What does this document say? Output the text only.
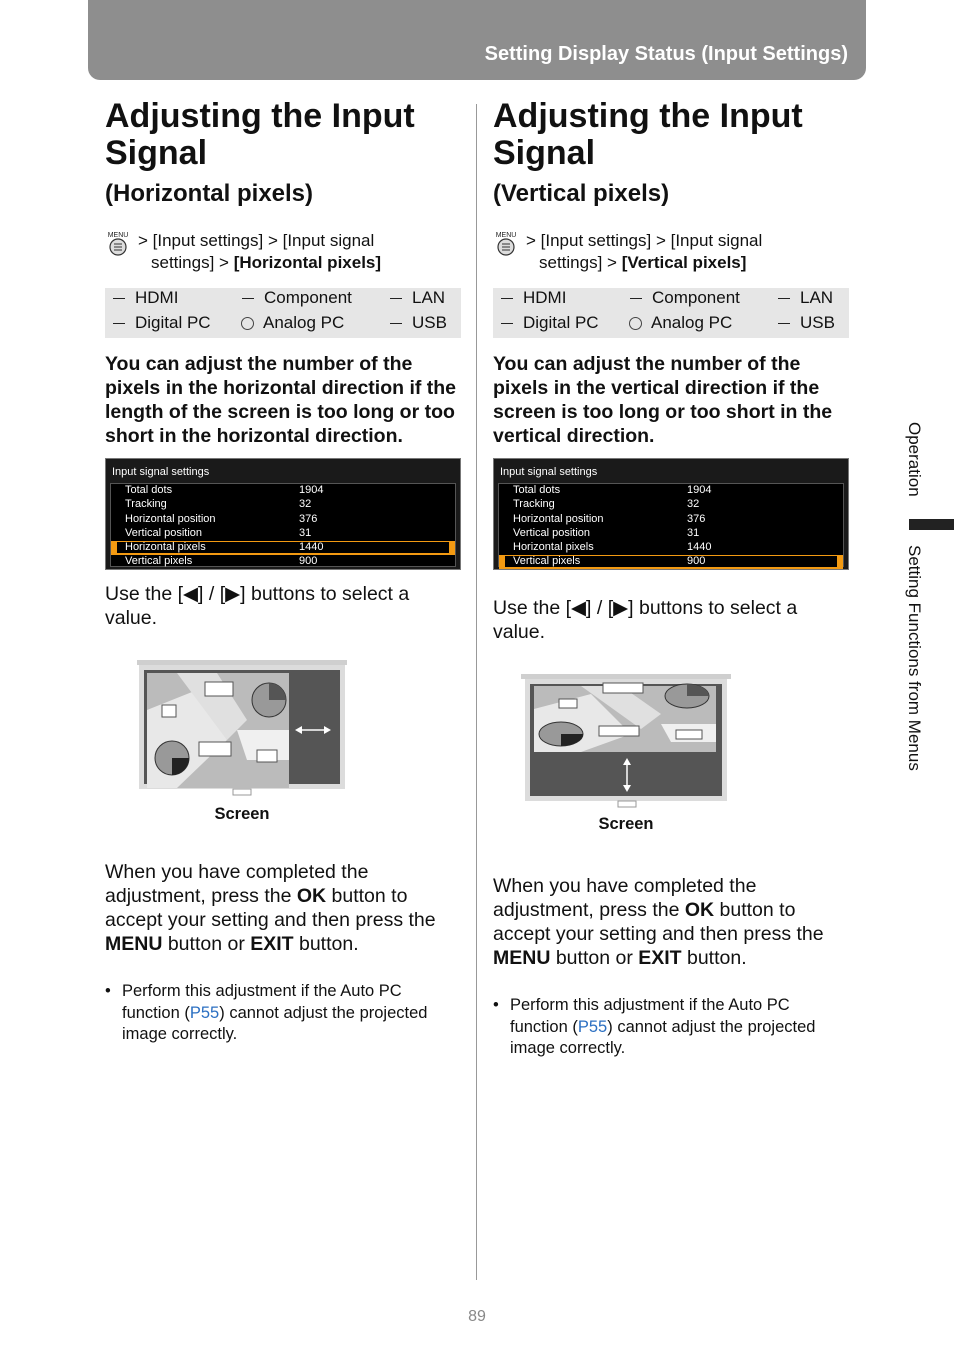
Setting Display Status (Input Settings)
Adjusting the Input Signal
(Horizontal pixels)
MENU > [Input settings] > [Input signal
settings] > [Horizontal pixels]
HDMI	Component	LAN
Digital PC	Analog PC	USB
You can adjust the number of the pixels in the horizontal direction if the length of the screen is too long or too short in the horizontal direction.
Input signal settings
Total dots	1904
Tracking	32
Horizontal position	376
Vertical position	31
Horizontal pixels	1440
Vertical pixels	900
Use the [◀] / [▶] buttons to select a value.
Screen
When you have completed the adjustment, press the OK button to accept your setting and then press the MENU button or EXIT button.
• Perform this adjustment if the Auto PC function (P55) cannot adjust the projected image correctly.
Adjusting the Input Signal
(Vertical pixels)
MENU > [Input settings] > [Input signal
settings] > [Vertical pixels]
HDMI	Component	LAN
Digital PC	Analog PC	USB
You can adjust the number of the pixels in the vertical direction if the screen is too long or too short in the vertical direction.
Input signal settings
Total dots	1904
Tracking	32
Horizontal position	376
Vertical position	31
Horizontal pixels	1440
Vertical pixels	900
Use the [◀] / [▶] buttons to select a value.
Screen
When you have completed the adjustment, press the OK button to accept your setting and then press the MENU button or EXIT button.
• Perform this adjustment if the Auto PC function (P55) cannot adjust the projected image correctly.
Operation
Setting Functions from Menus
89
